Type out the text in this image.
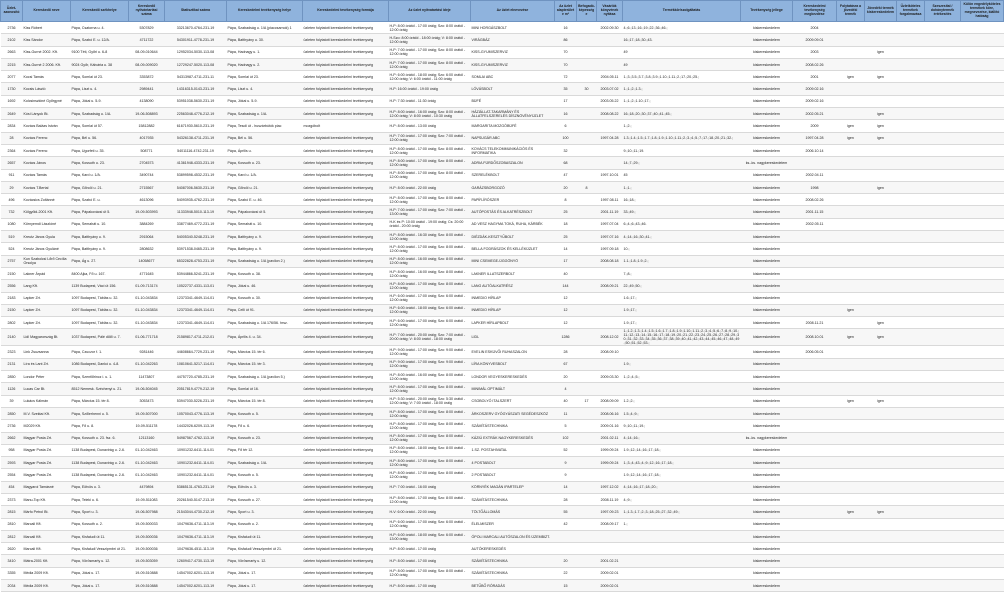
Üzlet-azonosító	Kereskedő neve	Kereskedő székhelye	Kereskedő nyilvántartási száma	Statisztikai száma	Kereskedelmi tevékenység helye	Kereskedelmi tevékenység formája	Az üzlet nyitvatartási ideje	Az üzlet elnevezése	Az üzlet alapterülete m²	Befogadó-képessége	Vásárlók könyvének nyitása	Termékkör/szolgáltatás	Tevékenység jellege	Kereskedelmi tevékenység megkezdése	Folytatásra a jövedéki termék	Jövedéki termék kiskereskedelem	Üzletköteles termékek forgalmazása	Szeszesital / dohánytermék értékesítés	Külön engedélyköteles termékek köre, megnevezése, kiállító hatóság
2736	Kiss Róbert	Pápa, Csatorna u. 4.	5307829	33213670-4764-231-19	Pápa, Szabadság u. 1/A (piaccsarnok) 1	üzleten folytatott kereskedelmi tevékenység	H-P: 8:00 órától - 17:00 óráig; Szo: 8:00 órától - 12:00 óráig	MINI HORGÁSZBOLT	16		2002.09.30	4.;6.;13.;16.;19.;22.;36.;46.;	kiskereskedelem	2004					
2102	Kiss Sándor	Pápa, Szabó E. u. 12/A.	4711722	54301911-4778-231-19	Pápa, Batthyány u. 30.	üzleten folytatott kereskedelmi tevékenység	H-Szo: 8:00 órától - 18:00 óráig; V: 8:00 órától - 12:00 óráig	VIRÁGBÁZ	86			16.;17.;18.;30.;43.	kiskereskedelem	2009.09.01					
2663	Kiss-Gurné 2002. Kft.	9100 Téti, Győri u. 6-8	08-09-010644	12952034-5030-113-08	Pápa, Hadnagy u. 1.	üzleten folytatott kereskedelmi tevékenység	H-P: 7:00 órától - 17:00 óráig; Szo: 8:00 órától - 12:00 óráig	KISS-GYUMISZERVIZ	70			49	kiskereskedelem	2003		igen			
2215	Kiss-Gurné 2 2006. Kft.	9024 Győr, Kálvária u. 38	08-09-009020	12729247-5020-113-08	Pápa, Hadnagy u. 2.	üzleten folytatott kereskedelmi tevékenység	H-P: 7:00 órától - 17:00 óráig; Szo: 8:00 órától - 12:00 óráig	KISS-GYUMISZERVIZ	70			49	kiskereskedelem	2008.02.26					
2077	Kocsi Tamás	Pápa, Somlai út 23.	3353872	54313987-4711-231-11	Pápa, Somlai út 23.	üzleten folytatott kereskedelmi tevékenység	H-P: 6:00 órától - 18:00 óráig; Szo: 6:00 órától - 12:00 óráig; V: 6:00 órától - 11:00 óráig	SOMLAI ABC	72		2004.05.11	1.;3.;3.5.;3.7.;3.8.;3.9.;1.10.;1.11.;2.;17.;20.;25.;	kiskereskedelem	2001	igen	igen			
1730	Kocsis László	Pápa, Liszt u. 4.	2989441	14316315-0143-231-19	Pápa, Liszt u. 4.	üzleten folytatott kereskedelmi tevékenység	H-P: 16:00 órától - 19:00 óráig	LÓVÁSBOLT	35	30	2003.07.02	1.;1.;2.;1.3.;	kiskereskedelem	2009.02.16					
1692	Kolcsinszkiné Győrgyné	Pápa, Jókai u. 5-9.	4138090	53951038-5630-231-19	Pápa, Jókai u. 5-9.	üzleten folytatott kereskedelmi tevékenység	H-P: 7:30 órától - 11:30 óráig	BÜFÉ	17		2003.05.22	1.;1.;2.;1.10.;17.;	kiskereskedelem	2009.02.16					
2649	Kósi Lányok Bt.	Pápa, Szabadság u. 1/A.	19-06-508893	22563048-4776-212-19	Pápa, Szabadság u. 1/A.	üzleten folytatott kereskedelmi tevékenység	H-P: 8:00 órától - 16:00 óráig; Szo: 8:00 órától - 12:00 óráig; V: 8:00 órától - 10:30 óráig	HÁZIÁLLAT-TAKARMÁNY ÉS ÁLLATFELSZERELÉS DÍSZNÖVÉNYÜZLET	16		2008.08.22	16.;18.;20.;30.;37.;40.;41.;45.;	kiskereskedelem	2002.05.21		igen			
2834	Kovács Balázs István	Pápa, Somlai út 57.	15812882	61671930-5610-231-19	Pápa, Tesoli út - huszárbútók piac	mozgóbolt	H-P: 8:00 órától - 13:00 óráig	MARGARITA MOZGÓBÜFÉ	6			1.;2.;	kiskereskedelem	2009	igen	igen			
28	Kovács Ferenc	Pápa, Bél u. 56.	4017935	54326138-4711-231-19	Pápa, Bél u. 56.	üzleten folytatott kereskedelmi tevékenység	H-P: 7:00 órától - 17:00 óráig; Szo: 7:00 órától - 12:00 óráig	NAPSUGÁR ABC	100		1997.04.28	1.3.;1.4.;1.5.;1.7.;1.8.;1.9.;1.10.;1.11.;2.;3.;4.;5.;7.;17.;18.;20.;21.;32.;	kiskereskedelem	1997.04.28	igen	igen			
2364	Kovács Ferenc	Pápa, Ugorfeti u. 35.	508771	54011116-4742-231-19	Pápa, Április u.	üzleten folytatott kereskedelmi tevékenység	H-P: 8:00 órától - 17:00 óráig; Szo: 8:00 órától - 12:00 óráig	KOVÁCS TELEKOMMUNIKÁCIÓS ÉS INFORMATIKA	32			9.;10.;11.;19.	kiskereskedelem	2006.10.14					
2657	Kovács János	Pápa, Kossuth u. 23.	2704573	41361948-4333-231-19	Pápa, Kossuth u. 23.	üzleten folytatott kereskedelmi tevékenység	H-P: 8:00 órától - 17:00 óráig; Szo: 8:00 órától - 12:00 óráig	ADRIA FÜRDŐSZOBASZALON	68			14.;7.;29.;	ks.-ks. nagykereskedelem						
911	Kovács Tamás	Pápa, Kard u. 1/A.	3490744	53899598-4532-231-19	Pápa, Kard u. 1/A.	üzleten folytatott kereskedelmi tevékenység	H-P: 8:00 órától - 17:00 óráig; Szo: 8:00 órától - 12:00 óráig	SZERELÉKBOLT	47		1997.10.01	45	kiskereskedelem	2002.04.11					
29	Kovács T.Bertal	Pápa, Gőrcöl u. 21.	2715567	54087006-5630-231-19	Pápa, Gőrcöl u. 21.	üzleten folytatott kereskedelmi tevékenység	H-P: 8:00 órától - 22:00 óráig	GARÁZSBORGOZÓ	20	8		1.;1.;	kiskereskedelem	1998		igen			
496	Kovácsics Zoltánné	Pápa, Szabó E. u.	4613096	54093935-4762-231-19	Pápa, Szabó E. u. 46.	üzleten folytatott kereskedelmi tevékenység	H-P: 8:00 órától - 17:00 óráig; Szo: 8:00 órától - 12:00 óráig	PAPÍR-ÍRÓSZER	8		1997.08.11	16.;18.;	kiskereskedelem	2008.02.26					
732	Kölgyöld-2001 Kft.	Pápa, Pápakovácsi út 5.	19-09-503993	11333948-5010-113-19	Pápa, Pápakovácsi út 5.	üzleten folytatott kereskedelmi tevékenység	H-P: 7:00 órától - 17:00 óráig; Szo: 7:00 órától - 13:00 óráig	AUTÓPOSTÁS ÉS ALKATRÉSZBOLT	25		2001.11.19	33.;49.;	kiskereskedelem	2001.11.15					
1080	Környemdi Lászlóné	Pápa, Semahát u. 10.	3884269	33877469-4772-231-19	Pápa, Semahát u. 10.	üzleten folytatott kereskedelmi tevékenység	H-K és P: 10:00 órától - 19:00 óráig; Cs: 20:00 órától - 20:00 óráig	AD VESZ HAGYMA TOKÁ, RUHA, KÁRBÉK	18		1997.07.04	6.;4.;6.;43.;46.	kiskereskedelem	2002.05.11					
519	Kreutz János Gyula	Pápa, Batthyány u. 9.	2915064	54005340-5248-231-19	Pápa, Batthyány u. 9.	üzleten folytatott kereskedelmi tevékenység	H-P: 8:00 órától - 16:30 óráig; Szo: 8:00 órától - 12:00 óráig	DIÉZDÁK-KESZTYŰBOLT	25		1997.07.16	4.;14.;16.;30.;41.;	kiskereskedelem						
524	Kreutz János Gyuláné	Pápa, Batthyány u. 9.	2808632	53971538-0465-231-19	Pápa, Batthyány u. 9.	üzleten folytatott kereskedelmi tevékenység	H-P: 8:00 órától - 17:00 óráig; Szo: 8:00 órától - 12:00 óráig	BELLA FODRÁSZOK ÉS KELLÉKÜZLET	14		1997.09.18	10.;	kiskereskedelem						
2757	Kun Szabolcsi Lőrő Cecília Orsolya	Pápa, Ág u. 27.	14058677	65322828-4753-231-19	Pápa, Szabadság u. 1/A (pavilon 2.)	üzleten folytatott kereskedelmi tevékenység	H-P: 8:00 órától - 16:00 óráig; Szo: 8:00 órától - 12:00 óráig	MINI CSEMEGE-ÜGGÖNYÖ	17		2008.08.18	1.1.;1.8.;1.9.;2.;	kiskereskedelem						
2150	Lakner Árpád	8400 Ajka, Fő u. 167.	4771645	53944866-5241-231-19	Pápa, Kossuth u. 38.	üzleten folytatott kereskedelmi tevékenység	H-P: 8:00 órától - 16:00 óráig; Szo: 8:00 órától - 12:00 óráig	LAKNER ILLATSZERBOLT	40			7.;8.;	kiskereskedelem						
2556	Lang Kft.	1139 Budapest, Váci út 156.	01-09-713174	10522737-4331-113-01	Pápa, Jókai u. 46.	üzleten folytatott kereskedelmi tevékenység	H-P: 8:00 órától - 17:00 óráig; Szo: 8:00 órától - 12:00 óráig	LANG AUTÓALKATRÉSZ	144		2008.09.21	22.;49.;50.;	kiskereskedelem						
2183	Lapker Zrt.	1097 Budapest, Táblás u. 32.	01-10-043834	12373341-4649-114-01	Pápa, Kossuth u. 30.	üzleten folytatott kereskedelmi tevékenység	H-P: 6:00 órától - 17:00 óráig; Szo: 6:00 órától - 12:00 óráig	INMEDIO HÍRLAP	12			1.6.;17.;	kiskereskedelem						
2150	Lapker Zrt.	1097 Budapest, Táblás u. 32.	01-10-043834	12373341-4649-114-01	Pápa, Celli út 91.	üzleten folytatott kereskedelmi tevékenység	H-P: 6:00 órától - 18:00 óráig; Szo: 6:00 órától - 12:00 óráig	INMEDIO HÍRLAP	12			1.9.;17.;	kiskereskedelem		igen				
2802	Lapker Zrt.	1097 Budapest, Táblás u. 32.	01-10-043834	12373341-4649-114-01	Pápa, Szabadság u. 1/A 176/56. hrsz.	üzleten folytatott kereskedelmi tevékenység	H-P: 6:00 órától - 17:00 óráig; Szo: 6:00 órától - 12:00 óráig	LAPKER HÍRLAPBOLT	12			1.9.;17.;	kiskereskedelem	2008.11.21		igen			
2140	Lidl Magyarország Bt.	1037 Budapest, Pálé dűlő u. 7.	01-06-771718	21589817-4711-212-01	Pápa, Április 4. u. 34.	üzleten folytatott kereskedelmi tevékenység	H-P: 7:00 órától - 20:00 óráig; Szo: 7:00 órától - 20:00 óráig; V: 8:00 órától - 18:00 óráig	LIDL	1286		2008.12.02	1.;1.2.;1.3.;1.4.;1.5.;1.6.;1.7.;1.8.;1.9.;1.10.;1.11.;2.;3.;4.;5.;6.;7.;8.;9.;10.;11.;12.;13.;14.;15.;16.;17.;18.;19.;20.;21.;22.;23.;24.;25.;26.;27.;28.;29.;30.;31.;32.;33.;34.;35.;36.;37.;38.;39.;40.;41.;42.;43.;44.;45.;46.;47.;48.;49.;50.;51.;52.;53.;	kiskereskedelem	2008.10.01	igen	igen			
2323	Link Zsuzsanna	Pápa, Czuczor f. 1.	9281446	44608664-7729-231-19	Pápa, Március 15. tér 6.	üzleten folytatott kereskedelmi tevékenység	H-P: 9:00 órától - 17:00 óráig; Szo: 9:00 órától - 12:00 óráig	EVELIN ESKÜVŐI RUHASZALON	28		2008.09.10		kiskereskedelem	2006.05.01					
2131	Líra és Lant Zrt.	1086 Budapest, Dankó u. 4-8.	01-10-042263	10810641-5217-114-01	Pápa, Március 15. tér 3.	üzleten folytatott kereskedelmi tevékenység	H-P: 9:00 órától - 17:00 óráig; Szo: 9:00 órától - 12:00 óráig	LÍRA KÖNYVESBOLT	67			1.9.;	kiskereskedelem						
2850	Londor Péter	Pápa, Szentlőrincz i. u. 1.	11473807	44757720-4785-231-19	Pápa, Szabadság u. 1/A (pavilon 5.)	üzleten folytatott kereskedelmi tevékenység	H-P: 8:00 órától - 16:00 óráig; Szo: 8:00 órától - 12:00 óráig	LONDOR VEGYESKERESKEDÉS	20		2009.03.30	1.;2.;4.;5.;	kiskereskedelem						
1126	Lucas Car Bt.	8512 Nemesk. Széchenyi u. 21.	19-06-504045	20517819-4779-212-19	Pápa, Somlai út 16.	üzleten folytatott kereskedelmi tevékenység	H-P: 8:00 órától - 17:00 óráig; Szo: 8:00 órától - 12:00 óráig	MINIMÁL OPTIMÁLT	4				kiskereskedelem						
39	Lukács Kálmán	Pápa, Március 15. tér 8.	3053473	53947030-5226-231-19	Pápa, Március 15. tér 8.	üzleten folytatott kereskedelmi tevékenység	H-P: 5:30 órától - 20:00 óráig; Szo: 5:30 órától - 12:00 óráig; V: 7:00 órától - 18:00 óráig	CSOBOLYÓ ITALSZERT	40	17	2008.09.09	1.2.;2.;	kiskereskedelem		igen	igen			
2850	M.V. Szektaí Kft.	Pápa, Szőlerhenni u. 5.	19-09-507000	10570043-4776-113-19	Pápa, Kossuth u. 5.	üzleten folytatott kereskedelmi tevékenység	H-P: 8:00 órától - 17:00 óráig; Szo: 8:00 órától - 12:00 óráig	ÁRKOSZERV GYÓGYÁSZATI SEGÉDESZKÖZ	11		2008.06.16	1.5.;4.;9.;	kiskereskedelem						
2736	M2029 Kft.	Pápa, Fő u. 8.	19-09-511178	14432026-6209-113-19	Pápa, Fő u. 6.	üzleten folytatott kereskedelmi tevékenység	H-P: 8:00 órától - 17:00 óráig; Szo: 8:00 órától - 12:00 óráig	SZÁMÍTÁSTECHNIKA	5		2009.01.16	9.;10.;11.;19.;	kiskereskedelem						
2662	Magyar Posta Zrt.	Pápa, Kossuth u. 23. fsz. 6.	12113160	54987567-4762-113-19	Pápa, Kossuth u. 23.	üzleten folytatott kereskedelmi tevékenység	H-P: 8:00 órától - 17:00 óráig; Szo: 8:00 órától - 12:00 óráig	KÁZIÚ EXTRÁK NAGYKERESKEDÉS	102		2001.02.11	4.;14.;16.;	ks.-ks. nagykereskedelem						
958	Magyar Posta Zrt.	1138 Budapest, Dunavirág u. 2-6.	01-10-042463	10901232-6411-114-01	Pápa, Fő tér 12.	üzleten folytatott kereskedelmi tevékenység	H-P: 8:00 órától - 18:00 óráig; Szo: 8:00 órától - 12:00 óráig	1.SZ. POSTAHIVATAL	52		1999.09.24	1.9.;12.;14.;16.;17.;18.;	kiskereskedelem						
2593	Magyar Posta Zrt.	1138 Budapest, Dunavirág u. 2-6.	01-10-042463	10901232-6411-114-01	Pápa, Szabadság u. 1/A.	üzleten folytatott kereskedelmi tevékenység	H-P: 8:00 órától - 17:00 óráig; Szo: 8:00 órától - 12:00 óráig	4 POSTABOLT	9		1999.09.24	1.;3.;4.;43.;4.;9.;12.;16.;17.;18.;	kiskereskedelem						
2554	Magyar Posta Zrt.	1138 Budapest, Dunavirág u. 2-6.	01-10-042463	10901232-6411-114-01	Pápa, Kossuth u. 5.	üzleten folytatott kereskedelmi tevékenység	H-P: 8:00 órától - 17:00 óráig; Szo: 8:00 órától - 12:00 óráig	2 POSTABOLT	9			1.9.;12.;14.;16.;17.;18.;	kiskereskedelem						
454	Magyaroi Tamásné	Pápa, Eötvös u. 3.	4479894	53865131-4763-231-19	Pápa, Eötvös u. 3.	üzleten folytatott kereskedelmi tevékenység	H-P: 7:00 órától - 16:00 óráig	KÖRNYÉK MAGÁN IPARTELEP	14		1997.12.02	4.;14.;16.;17.;18.;20.;	kiskereskedelem						
2373	Manu-Top Kft.	Pápa, Teleki u. 6.	19-09-511083	20261540-5147-213-19	Pápa, Kossuth u. 27.	üzleten folytatott kereskedelmi tevékenység	H-P: 8:00 órától - 17:00 óráig; Szo: 8:00 órától - 12:00 óráig	SZÁMÍTÁSTECHNIKA	28		2008.11.19	4.;9.;	kiskereskedelem						
2815	Márfo Petrol Bt.	Pápa, Sport u. 3.	19-06-507988	21543044-4730-212-19	Pápa, Sport u. 3.	üzleten folytatott kereskedelmi tevékenység	H-V: 6:00 órától - 22:00 óráig	TÖLTŐÁLLOMÁS	55		1997.09.23	1.;1.3.;1.7.;2.;3.;18.;25.;27.;32.;49.;	kiskereskedelem		igen	igen			
2810	Marcali Kft.	Pápa, Kossuth u. 2.	19-09-500033	10479636-4711-113-19	Pápa, Kossuth u. 2.	üzleten folytatott kereskedelmi tevékenység	H-P: 6:00 órától - 17:00 óráig; Szo: 6:00 órától - 12:00 óráig	ÉLELMISZER	42		2008.09.17	1.;	kiskereskedelem						
2812	Marcali Kft.	Pápa, Kisfaludi út 11.	19-09-500036	10479636-4711-113-19	Pápa, Kisfaludi út 11.	üzleten folytatott kereskedelmi tevékenység	H-P: 6:00 órától - 18:00 óráig; Szo: 6:00 órától - 13:00 óráig	ÓPOLI MARCALI AUTÓSZALON ÉS ÜZEMBIZT.					kiskereskedelem						
2620	Marcali Kft.	Pápa, Kisfaludi Vesszipmbrí út 21.	19-09-500036	10479636-4511-113-19	Pápa, Kisfaludi Vesszipmbrí út 21.	üzleten folytatott kereskedelmi tevékenység	H-P: 8:00 órától - 17:00 óráig	AUTÓKERESKEDÉS					kiskereskedelem						
3410	Mátra-2001 Kft.	Pápa, Vörösmarty u. 12.	19-09-503059	12609417-4730-113-19	Pápa, Vörösmarty u. 12.	üzleten folytatott kereskedelmi tevékenység	H-P: 8:00 órától - 17:00 óráig	SZÁMÍTÁSTECHNIKA	20		2001.02.21		kiskereskedelem						
3355	Média 2009 Kft.	Pápa, Jókai u. 17.	19-09-510888	14547002-6201-113-19	Pápa, Jókai u. 17.	üzleten folytatott kereskedelmi tevékenység	H-P: 8:00 órától - 17:00 óráig; Szo: 8:00 órától - 12:00 óráig	SZÁMÍTÁSTECHNIKA	22		2009.02.01		kiskereskedelem						
2034	Média 2009 Kft.	Pápa, Jókai u. 17.	19-09-510888	14547002-6201-113-19	Pápa, Jókai u. 17.	üzleten folytatott kereskedelmi tevékenység	H-P: 8:00 órától - 17:00 óráig	BETŰBŐ RÓRADÁS	15		2009.02.01		kiskereskedelem						
